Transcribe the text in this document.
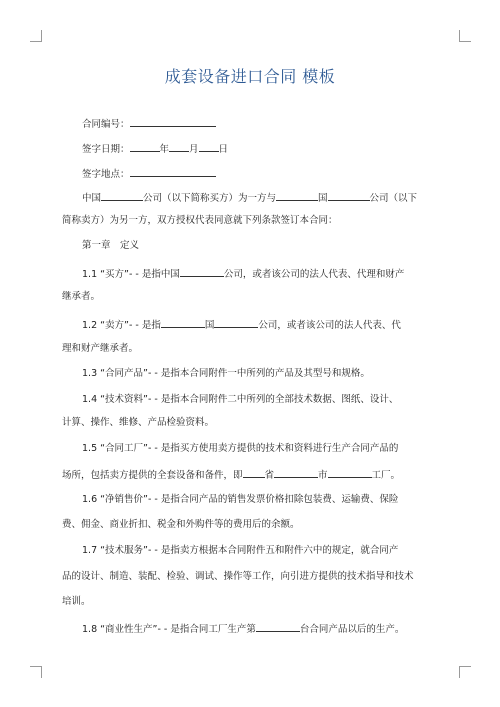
成套设备进口合同 模板
合同编号：
签字日期：	年 月 日
签字地点：
中国	公司（以下简称买方）为一方与	国	公司（以下
简称卖方）为另一方，双方授权代表同意就下列条款签订本合同：
第一章　定义
1.1 “买方”- - 是指中国	公司，或者该公司的法人代表、代理和财产
继承者。
1.2 “卖方”- - 是指	国	公司，或者该公司的法人代表、代
理和财产继承者。
1.3 “合同产品”- - 是指本合同附件一中所列的产品及其型号和规格。
1.4 “技术资料”- - 是指本合同附件二中所列的全部技术数据、图纸、设计、
计算、操作、维修、产品检验资料。
1.5 “合同工厂”- - 是指买方使用卖方提供的技术和资料进行生产合同产品的
场所，包括卖方提供的全套设备和备件，即 省	市	工厂。
1.6 “净销售价”- - 是指合同产品的销售发票价格扣除包装费、运输费、保险
费、佣金、商业折扣、税金和外购件等的费用后的余额。
1.7 “技术服务”- - 是指卖方根据本合同附件五和附件六中的规定，就合同产
品的设计、制造、装配、检验、调试、操作等工作，向引进方提供的技术指导和技术
培训。
1.8 “商业性生产”- - 是指合同工厂生产第	台合同产品以后的生产。
